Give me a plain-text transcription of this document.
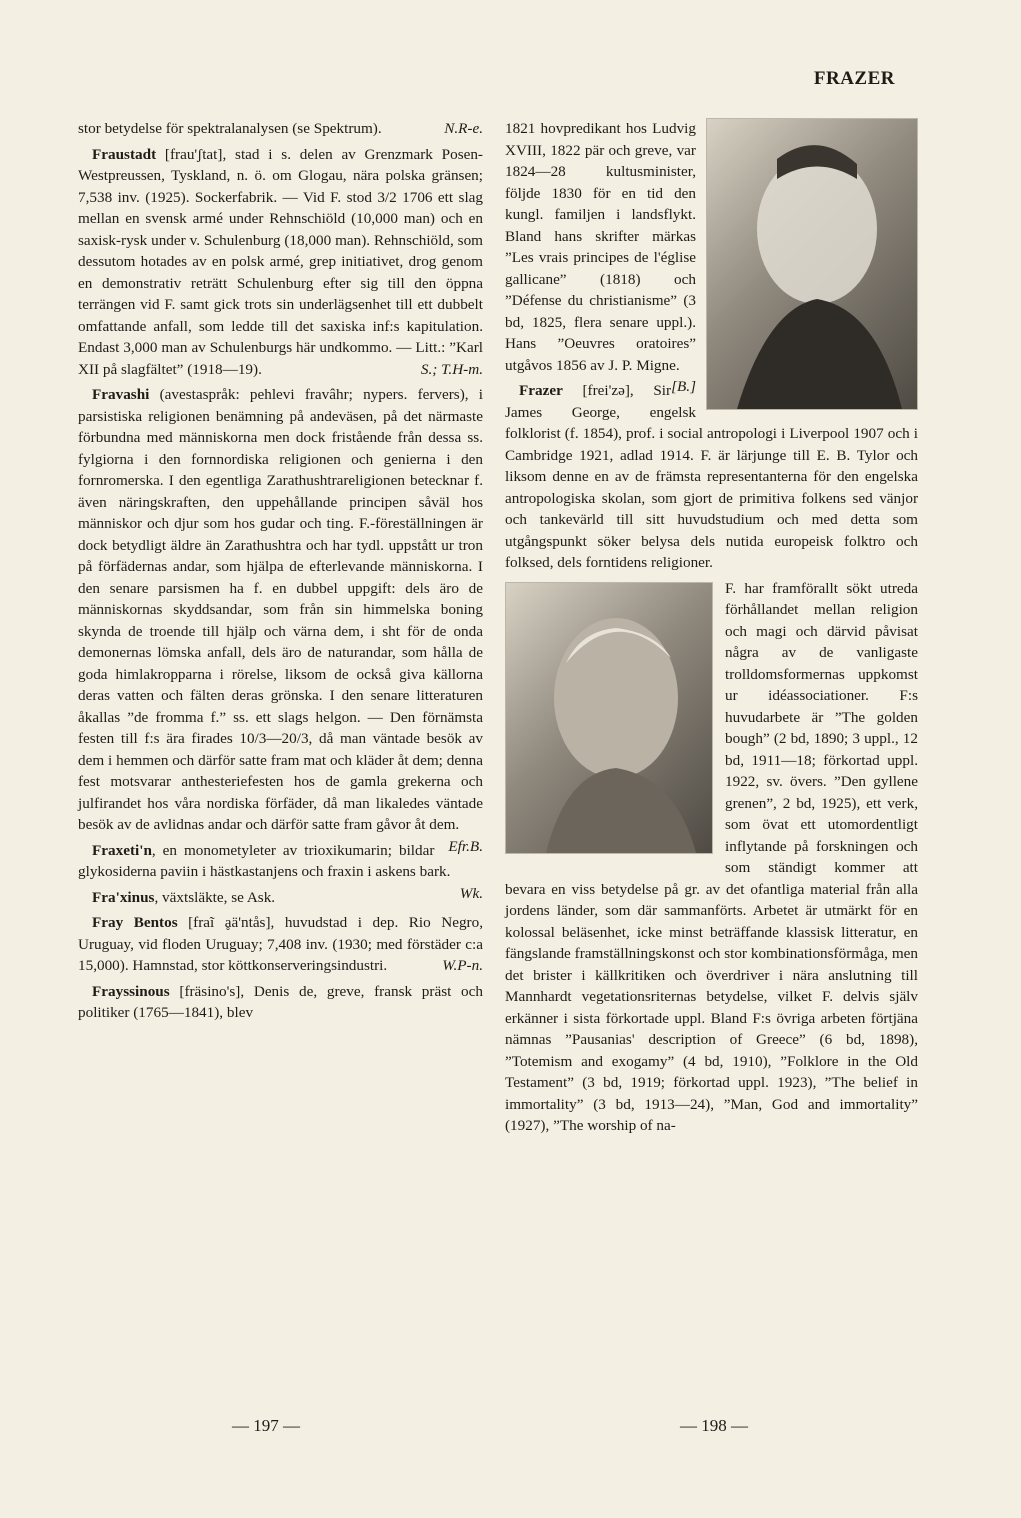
FRAZER

stor betydelse för spektralanalysen (se Spektrum).	N.R-e.

Fraustadt [frau'ʃtat], stad i s. delen av Grenzmark Posen-Westpreussen, Tyskland, n. ö. om Glogau, nära polska gränsen; 7,538 inv. (1925). Sockerfabrik. — Vid F. stod 3/2 1706 ett slag mellan en svensk armé under Rehnschiöld (10,000 man) och en saxisk-rysk under v. Schulenburg (18,000 man). Rehnschiöld, som dessutom hotades av en polsk armé, grep initiativet, drog genom en demonstrativ reträtt Schulenburg efter sig till den öppna terrängen vid F. samt gick trots sin underlägsenhet till ett dubbelt omfattande anfall, som ledde till det saxiska inf:s kapitulation. Endast 3,000 man av Schulenburgs här undkommo. — Litt.: ”Karl XII på slagfältet” (1918—19).	S.; T.H-m.

Fravashi (avestaspråk: pehlevi fravâhr; nypers. fervers), i parsistiska religionen benämning på andeväsen, på det närmaste förbundna med människorna men dock fristående från dessa ss. fylgiorna i den fornnordiska religionen och genierna i den fornromerska. I den egentliga Zarathushtrareligionen betecknar f. även näringskraften, den uppehållande principen såväl hos människor och djur som hos gudar och ting. F.-föreställningen är dock betydligt äldre än Zarathushtra och har tydl. uppstått ur tron på förfädernas andar, som hjälpa de efterlevande människorna. I den senare parsismen ha f. en dubbel uppgift: dels äro de människornas skyddsandar, som från sin himmelska boning skynda de troende till hjälp och värna dem, i sht för de onda demonernas lömska anfall, dels äro de naturandar, som hålla de goda himlakropparna i rörelse, liksom de också giva källorna deras vatten och fälten deras grönska. I den senare litteraturen åkallas ”de fromma f.” ss. ett slags helgon. — Den förnämsta festen till f:s ära firades 10/3—20/3, då man väntade besök av dem i hemmen och därför satte fram mat och kläder åt dem; denna fest motsvarar anthesteriefesten hos de gamla grekerna och julfirandet hos våra nordiska förfäder, då man likaledes väntade besök av de avlidnas andar och därför satte fram gåvor åt dem.
Efr.B.

Fraxeti'n, en monometyleter av trioxikumarin; bildar glykosiderna paviin i hästkastanjens och fraxin i askens bark.
Wk.

Fra'xinus, växtsläkte, se Ask.

Fray Bentos [fraĩ ḁä'ntås], huvudstad i dep. Rio Negro, Uruguay, vid floden Uruguay; 7,408 inv. (1930; med förstäder c:a 15,000). Hamnstad, stor köttkonserveringsindustri.	W.P-n.

Frayssinous [fräsino's], Denis de, greve, fransk präst och politiker (1765—1841), blev

1821 hovpredikant hos Ludvig XVIII, 1822 pär och greve, var 1824—28 kultusminister, följde 1830 för en tid den kungl. familjen i landsflykt. Bland hans skrifter märkas ”Les vrais principes de l'église gallicane” (1818) och ”Défense du christianisme” (3 bd, 1825, flera senare uppl.). Hans ”Oeuvres oratoires” utgåvos 1856 av J. P. Migne.
[B.]

Frazer [frei'zə], Sir James George, engelsk folklorist (f. 1854), prof. i social antropologi i Liverpool 1907 och i Cambridge 1921, adlad 1914. F. är lärjunge till E. B. Tylor och liksom denne en av de främsta representanterna för den engelska antropologiska skolan, som gjort de primitiva folkens sed vänjor och tankevärld till sitt huvudstudium och med detta som utgångspunkt söker belysa dels nutida europeisk folktro och folksed, dels forntidens religioner.

F. har framförallt sökt utreda förhållandet mellan religion och magi och därvid påvisat några av de vanligaste trolldomsformernas uppkomst ur idéassociationer. F:s huvudarbete är ”The golden bough” (2 bd, 1890; 3 uppl., 12 bd, 1911—18; förkortad uppl. 1922, sv. övers. ”Den gyllene grenen”, 2 bd, 1925), ett verk, som övat ett utomordentligt inflytande på forskningen och som ständigt kommer att bevara en viss betydelse på gr. av det ofantliga material från alla jordens länder, som där sammanförts. Arbetet är utmärkt för en kolossal beläsenhet, icke minst beträffande klassisk litteratur, en fängslande framställningskonst och stor kombinationsförmåga, men det brister i källkritiken och överdriver i nära anslutning till Mannhardt vegetationsriternas betydelse, vilket F. delvis själv erkänner i sista förkortade uppl. Bland F:s övriga arbeten förtjäna nämnas ”Pausanias' description of Greece” (6 bd, 1898), ”Totemism and exogamy” (4 bd, 1910), ”Folklore in the Old Testament” (3 bd, 1919; förkortad uppl. 1923), ”The belief in immortality” (3 bd, 1913—24), ”Man, God and immortality” (1927), ”The worship of na-

— 197 —	— 198 —
